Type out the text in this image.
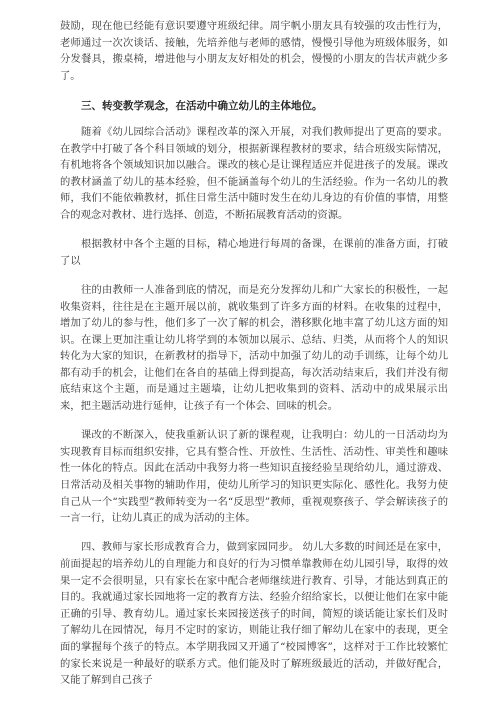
鼓励，现在他已经能有意识要遵守班级纪律。周宇帆小朋友具有较强的攻击性行为，老师通过一次次谈话、接触，先培养他与老师的感情，慢慢引导他为班级体服务，如分发餐具，搬桌椅，增进他与小朋友友好相处的机会，慢慢的小朋友的告状声就少多了。

三、转变教学观念，在活动中确立幼儿的主体地位。

随着《幼儿园综合活动》课程改革的深入开展，对我们教师提出了更高的要求。在教学中打破了各个科目领域的划分，根据新课程教材的要求，结合班级实际情况，有机地将各个领域知识加以融合。课改的核心是让课程适应并促进孩子的发展。课改的教材涵盖了幼儿的基本经验，但不能涵盖每个幼儿的生活经验。作为一名幼儿的教师，我们不能依赖教材，抓住日常生活中随时发生在幼儿身边的有价值的事情，用整合的观念对教材、进行选择、创造，不断拓展教育活动的资源。

根据教材中各个主题的目标，精心地进行每周的备课，在课前的准备方面，打破了以

往的由教师一人准备到底的情况，而是充分发挥幼儿和广大家长的积极性，一起收集资料，往往是在主题开展以前，就收集到了许多方面的材料。在收集的过程中，增加了幼儿的参与性，他们多了一次了解的机会，潜移默化地丰富了幼儿这方面的知识。在课上更加注重让幼儿将学到的本领加以展示、总结、归类，从而将个人的知识转化为大家的知识，在新教材的指导下，活动中加强了幼儿的动手训练，让每个幼儿都有动手的机会，让他们在各自的基础上得到提高，每次活动结束后，我们并没有彻底结束这个主题，而是通过主题墙，让幼儿把收集到的资料、活动中的成果展示出来，把主题活动进行延伸，让孩子有一个体会、回味的机会。

课改的不断深入，使我重新认识了新的课程观，让我明白：幼儿的一日活动均为实现教育目标而组织安排，它具有整合性、开放性、生活性、活动性、审美性和趣味性一体化的特点。因此在活动中我努力将一些知识直接经验呈现给幼儿，通过游戏、日常活动及相关事物的辅助作用，使幼儿所学习的知识更实际化、感性化。我努力使自己从一个“实践型”教师转变为一名“反思型”教师，重视观察孩子、学会解读孩子的一言一行，让幼儿真正的成为活动的主体。

四、教师与家长形成教育合力，做到家园同步。 幼儿大多数的时间还是在家中，前面提起的培养幼儿的自理能力和良好的行为习惯单靠教师在幼儿园引导，取得的效果一定不会很明显，只有家长在家中配合老师继续进行教育、引导，才能达到真正的目的。我就通过家长园地将一定的教育方法、经验介绍给家长，以便让他们在家中能正确的引导、教育幼儿。通过家长来园接送孩子的时间，简短的谈话能让家长们及时了解幼儿在园情况，每月不定时的家访，则能让我仔细了解幼儿在家中的表现，更全面的掌握每个孩子的特点。本学期我园又开通了“校园博客”，这样对于工作比较繁忙的家长来说是一种最好的联系方式。他们能及时了解班级最近的活动，并做好配合，又能了解到自己孩子
